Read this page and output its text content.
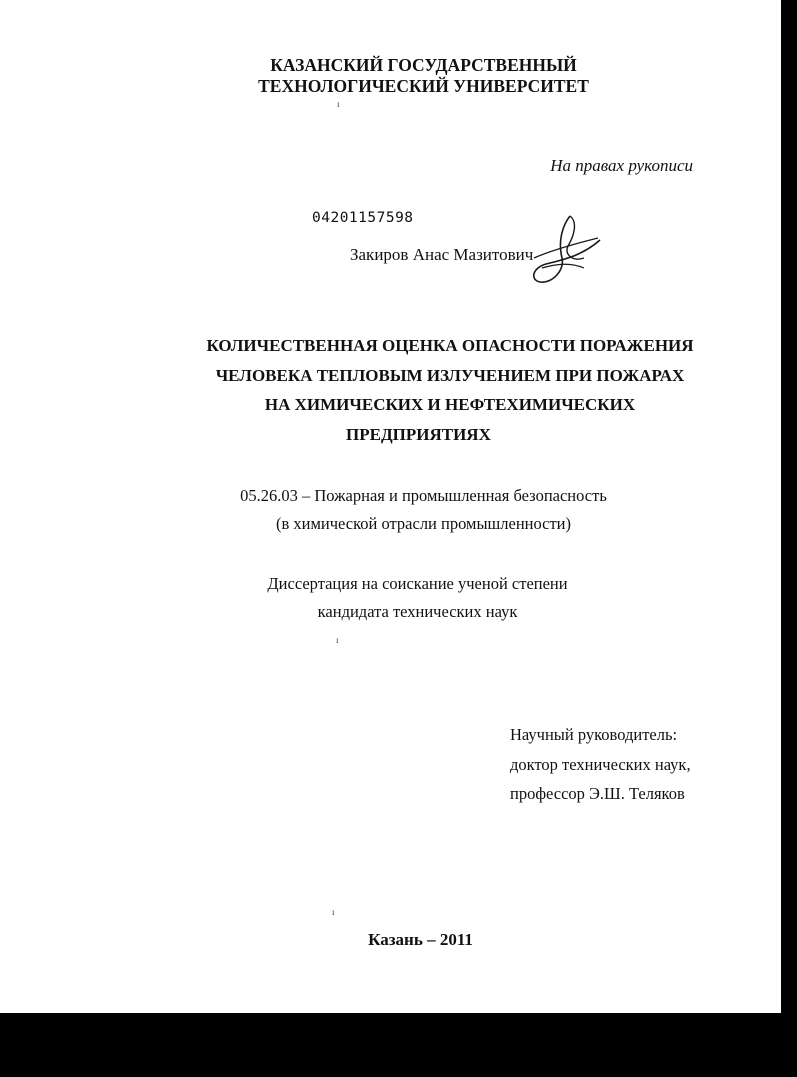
КАЗАНСКИЙ ГОСУДАРСТВЕННЫЙ
ТЕХНОЛОГИЧЕСКИЙ УНИВЕРСИТЕТ
На правах рукописи
04201157598
Закиров Анас Мазитович
КОЛИЧЕСТВЕННАЯ ОЦЕНКА ОПАСНОСТИ ПОРАЖЕНИЯ
ЧЕЛОВЕКА ТЕПЛОВЫМ ИЗЛУЧЕНИЕМ ПРИ ПОЖАРАХ
НА ХИМИЧЕСКИХ И НЕФТЕХИМИЧЕСКИХ
ПРЕДПРИЯТИЯХ
05.26.03 – Пожарная и промышленная безопасность
(в химической отрасли промышленности)
Диссертация на соискание ученой степени
кандидата технических наук
Научный руководитель:
доктор технических наук,
профессор Э.Ш. Теляков
Казань – 2011
ı
ı
ı
